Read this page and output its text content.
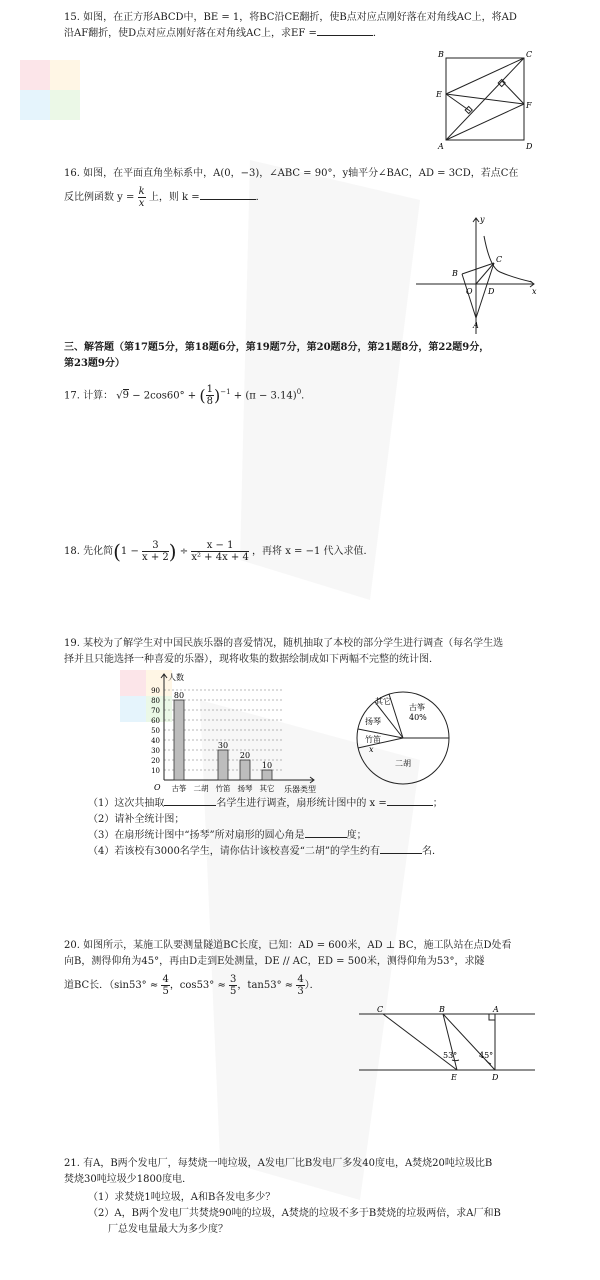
15. 如图，在正方形ABCD中，BE = 1，将BC沿CE翻折，使B点对应点刚好落在对角线AC上，将AD
沿AF翻折，使D点对应点刚好落在对角线AC上，求EF =	．
B	C
E
F
A	D
16. 如图，在平面直角坐标系中，A(0，−3)，∠ABC = 90°，y轴平分∠BAC，AD = 3CD，若点C在
反比例函数 $y = \frac{k}{x}$ 上，则 k =	．
y
x
B
O D
C
A
三、解答题（第17题5分，第18题6分，第19题7分，第20题8分，第21题8分，第22题9分，
第23题9分）
17. 计算： √9 − 2cos60° + ( $\frac{1}{8} )^{-1} + (\pi - 3.14)^0$．
18. 先化简($1 - \frac{3}{x + 2}$ ) ÷ $\frac{x - 1}{\text{x² + 4x + 4}}$ ，再将 x = −1 代入求值．
19. 某校为了解学生对中国民族乐器的喜爱情况，随机抽取了本校的部分学生进行调查（每名学生选
择并且只能选择一种喜爱的乐器），现将收集的数据绘制成如下两幅不完整的统计图．
10
20
30
40
50
60
70
80
90
人数
乐器类型
O
80
古筝 二胡
30
竹笛
20
扬琴
10
其它
其它
扬琴
古筝
40%
竹笛
x
二胡
（1）这次共抽取	名学生进行调查，扇形统计图中的 x =	；
（2）请补全统计图；
（3）在扇形统计图中“扬琴”所对扇形的圆心角是	度；
（4）若该校有3000名学生，请你估计该校喜爱“二胡”的学生约有	名．
20. 如图所示，某施工队要测量隧道BC长度，已知：AD = 600米，AD ⊥ BC，施工队站在点D处看
向B，测得仰角为45°，再由D走到E处测量，DE // AC，ED = 500米，测得仰角为53°，求隧
道BC长．（$\sin 53^\circ \approx \frac{4}{5}$ ，$\cos 53^\circ \approx \frac{3}{5}$ ，$\tan 53^\circ \approx \frac{4}{3}$ ）．
C	B	A
E	D
53°	45°
21. 有A，B两个发电厂，每焚烧一吨垃圾，A发电厂比B发电厂多发40度电，A焚烧20吨垃圾比B
焚烧30吨垃圾少1800度电．
（1）求焚烧1吨垃圾，A和B各发电多少？
（2）A，B两个发电厂共焚烧90吨的垃圾，A焚烧的垃圾不多于B焚烧的垃圾两倍，求A厂和B
厂总发电量最大为多少度？
